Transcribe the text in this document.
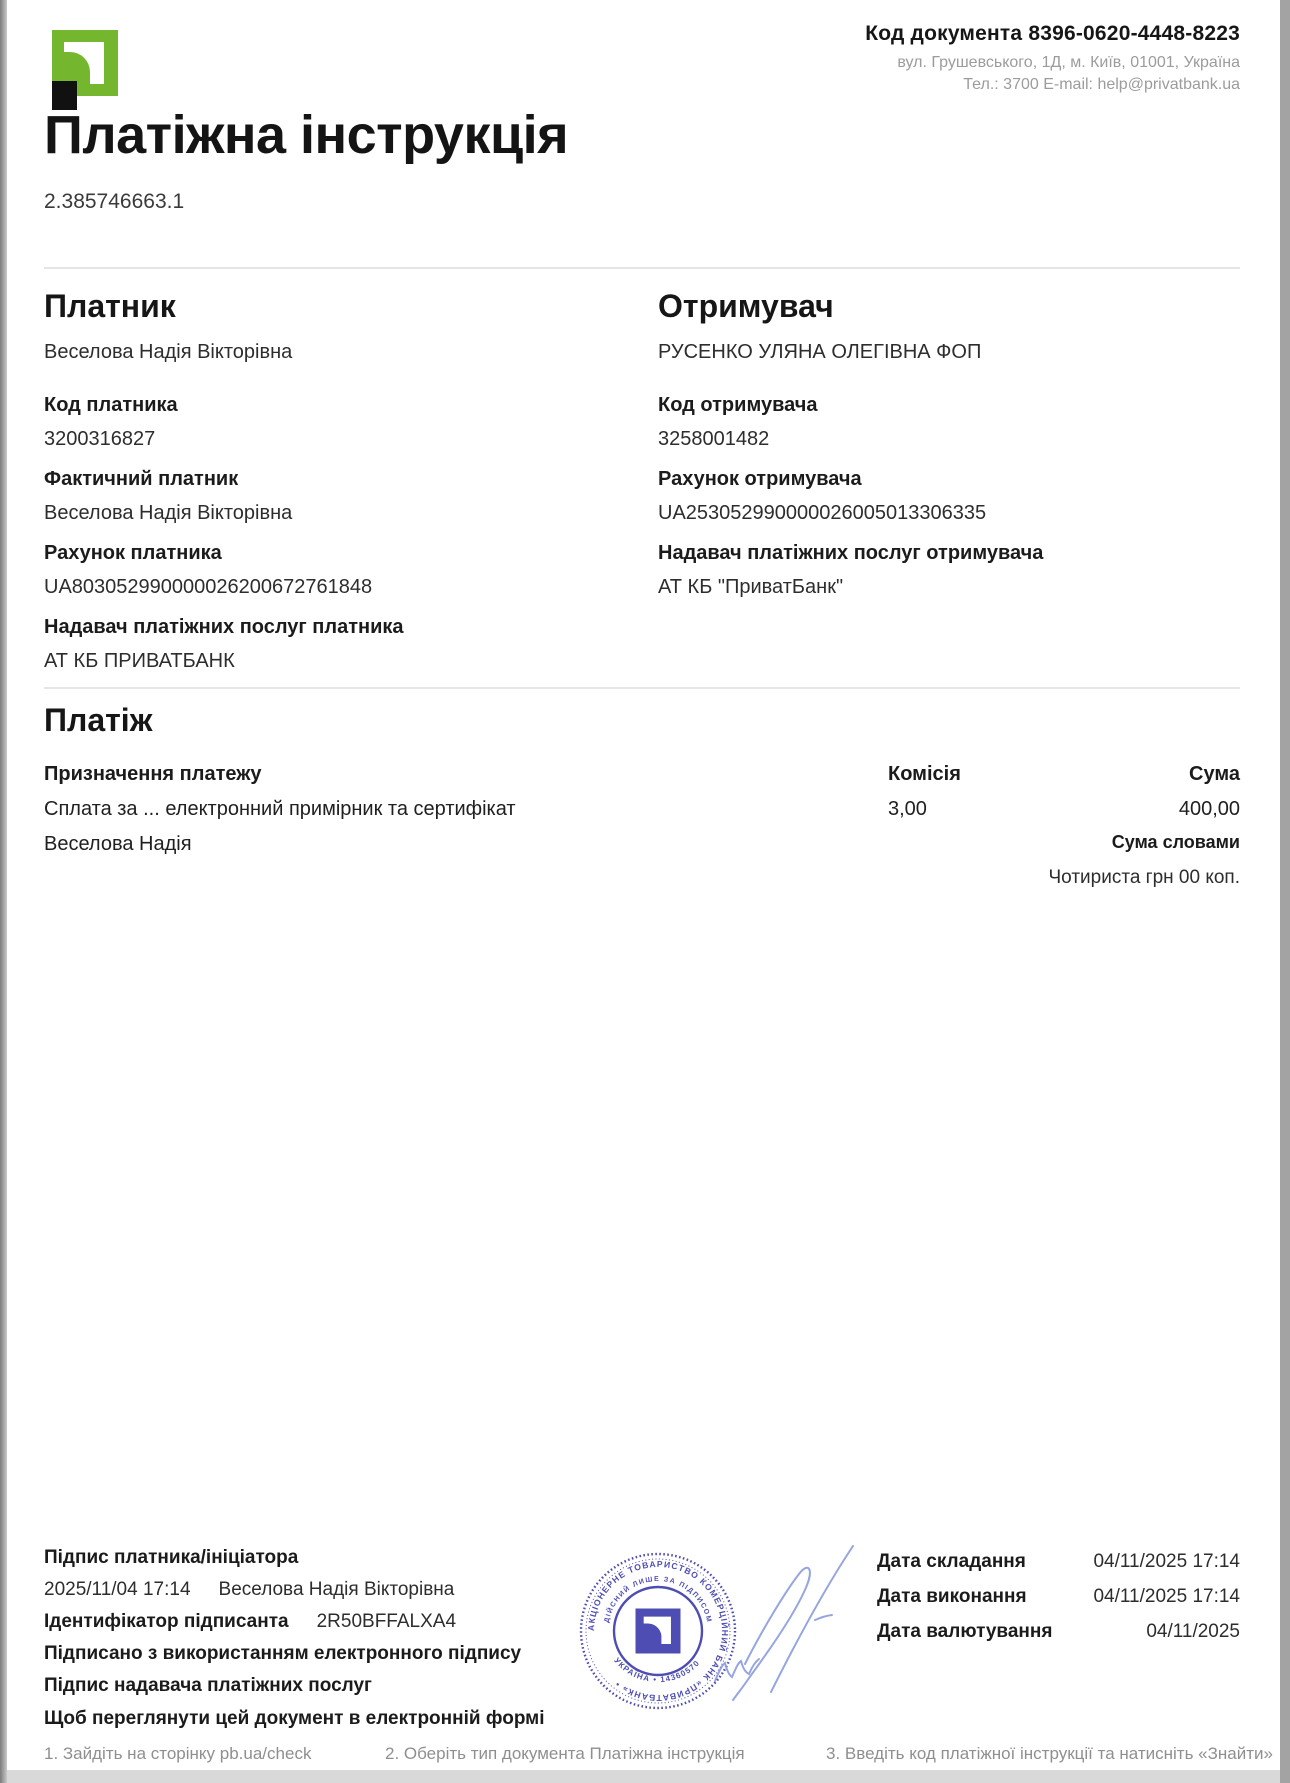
Код документа 8396-0620-4448-8223
вул. Грушевського, 1Д, м. Київ, 01001, Україна
Тел.: 3700 E-mail: help@privatbank.ua
Платіжна інструкція
2.385746663.1
Платник
Веселова Надія Вікторівна
Код платника
3200316827
Фактичний платник
Веселова Надія Вікторівна
Рахунок платника
UA803052990000026200672761848
Надавач платіжних послуг платника
АТ КБ ПРИВАТБАНК
Отримувач
РУСЕНКО УЛЯНА ОЛЕГІВНА ФОП
Код отримувача
3258001482
Рахунок отримувача
UA253052990000026005013306335
Надавач платіжних послуг отримувача
АТ КБ "ПриватБанк"
Платіж
Призначення платежу	Комісія	Сума
Сплата за ... електронний примірник та сертифікат	3,00	400,00
Веселова Надія	Сума словами
Чотириста грн 00 коп.
АКЦІОНЕРНЕ ТОВАРИСТВО КОМЕРЦІЙНИЙ БАНК «ПРИВАТБАНК» •
ДІЙСНИЙ ЛИШЕ ЗА ПІДПИСОМ
УКРАЇНА • 14360570
Підпис платника/ініціатора
2025/11/04 17:14 Веселова Надія Вікторівна
Ідентифікатор підписанта 2R50BFFALXA4
Підписано з використанням електронного підпису
Підпис надавача платіжних послуг
Дата складання	04/11/2025 17:14
Дата виконання	04/11/2025 17:14
Дата валютування	04/11/2025
Щоб переглянути цей документ в електронній формі
1. Зайдіть на сторінку pb.ua/check	2. Оберіть тип документа Платіжна інструкція	3. Введіть код платіжної інструкції та натисніть «Знайти»
